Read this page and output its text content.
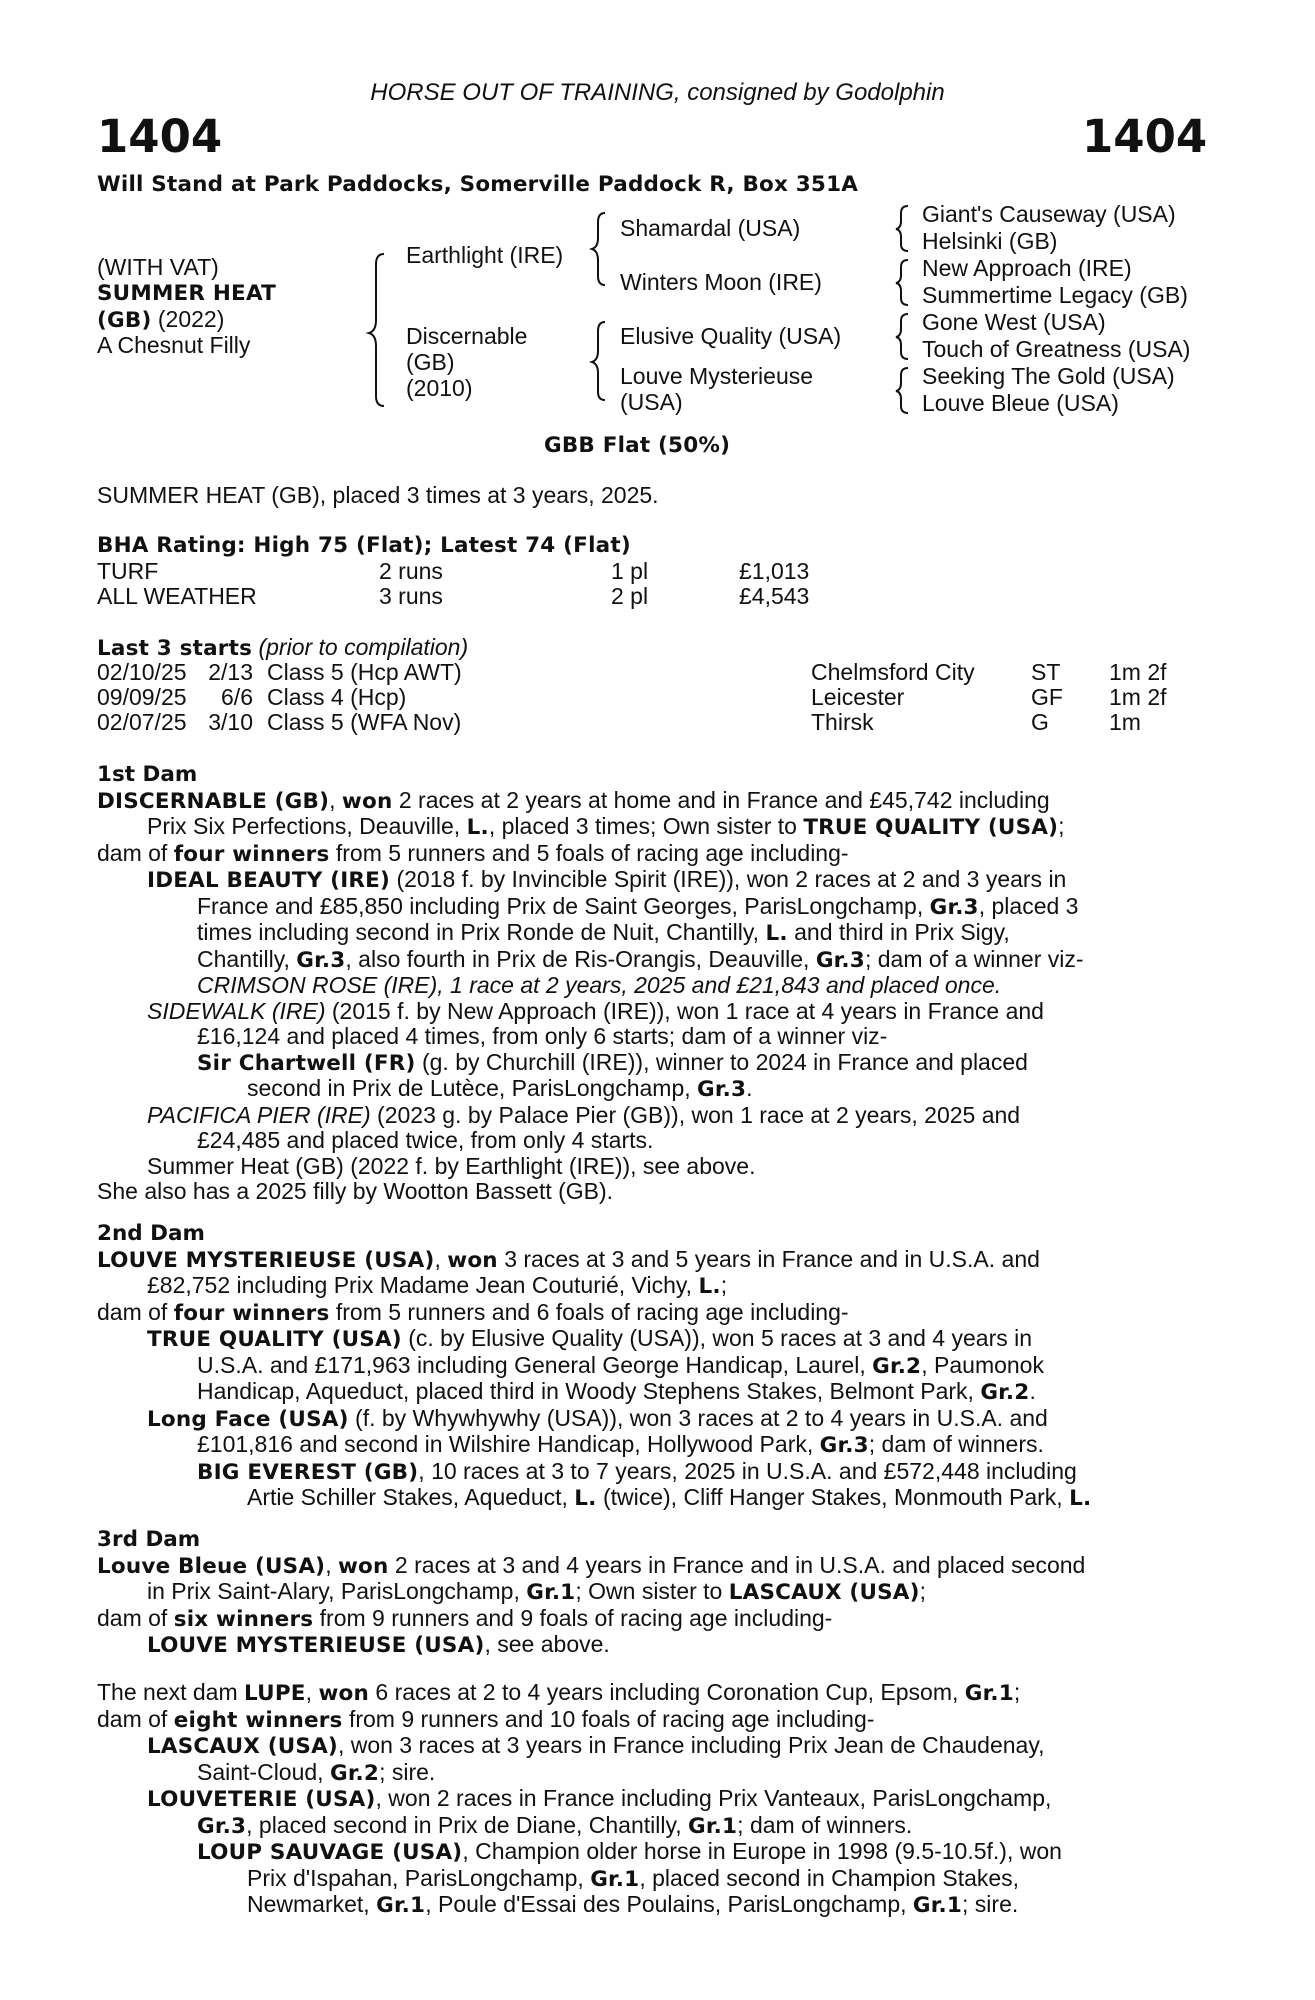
HORSE OUT OF TRAINING, consigned by Godolphin
1404	1404
Will Stand at Park Paddocks, Somerville Paddock R, Box 351A
(WITH VAT)
SUMMER HEAT
(GB) (2022)
A Chesnut Filly
Earthlight (IRE)
Discernable
(GB)
(2010)
Shamardal (USA)
Winters Moon (IRE)
Elusive Quality (USA)
Louve Mysterieuse
(USA)
Giant's Causeway (USA)
Helsinki (GB)
New Approach (IRE)
Summertime Legacy (GB)
Gone West (USA)
Touch of Greatness (USA)
Seeking The Gold (USA)
Louve Bleue (USA)
GBB Flat (50%)
SUMMER HEAT (GB), placed 3 times at 3 years, 2025.
BHA Rating: High 75 (Flat); Latest 74 (Flat)
TURF	2 runs	1 pl	£1,013
ALL WEATHER	3 runs	2 pl	£4,543
Last 3 starts (prior to compilation)
02/10/25	2/13	Class 5 (Hcp AWT)	Chelmsford City	ST	1m 2f
09/09/25	6/6	Class 4 (Hcp)	Leicester	GF	1m 2f
02/07/25	3/10	Class 5 (WFA Nov)	Thirsk	G	1m
1st Dam
DISCERNABLE (GB), won 2 races at 2 years at home and in France and £45,742 including
Prix Six Perfections, Deauville, L., placed 3 times; Own sister to TRUE QUALITY (USA);
dam of four winners from 5 runners and 5 foals of racing age including-
IDEAL BEAUTY (IRE) (2018 f. by Invincible Spirit (IRE)), won 2 races at 2 and 3 years in
France and £85,850 including Prix de Saint Georges, ParisLongchamp, Gr.3, placed 3
times including second in Prix Ronde de Nuit, Chantilly, L. and third in Prix Sigy,
Chantilly, Gr.3, also fourth in Prix de Ris-Orangis, Deauville, Gr.3; dam of a winner viz-
CRIMSON ROSE (IRE), 1 race at 2 years, 2025 and £21,843 and placed once.
SIDEWALK (IRE) (2015 f. by New Approach (IRE)), won 1 race at 4 years in France and
£16,124 and placed 4 times, from only 6 starts; dam of a winner viz-
Sir Chartwell (FR) (g. by Churchill (IRE)), winner to 2024 in France and placed
second in Prix de Lutèce, ParisLongchamp, Gr.3.
PACIFICA PIER (IRE) (2023 g. by Palace Pier (GB)), won 1 race at 2 years, 2025 and
£24,485 and placed twice, from only 4 starts.
Summer Heat (GB) (2022 f. by Earthlight (IRE)), see above.
She also has a 2025 filly by Wootton Bassett (GB).
2nd Dam
LOUVE MYSTERIEUSE (USA), won 3 races at 3 and 5 years in France and in U.S.A. and
£82,752 including Prix Madame Jean Couturié, Vichy, L.;
dam of four winners from 5 runners and 6 foals of racing age including-
TRUE QUALITY (USA) (c. by Elusive Quality (USA)), won 5 races at 3 and 4 years in
U.S.A. and £171,963 including General George Handicap, Laurel, Gr.2, Paumonok
Handicap, Aqueduct, placed third in Woody Stephens Stakes, Belmont Park, Gr.2.
Long Face (USA) (f. by Whywhywhy (USA)), won 3 races at 2 to 4 years in U.S.A. and
£101,816 and second in Wilshire Handicap, Hollywood Park, Gr.3; dam of winners.
BIG EVEREST (GB), 10 races at 3 to 7 years, 2025 in U.S.A. and £572,448 including
Artie Schiller Stakes, Aqueduct, L. (twice), Cliff Hanger Stakes, Monmouth Park, L.
3rd Dam
Louve Bleue (USA), won 2 races at 3 and 4 years in France and in U.S.A. and placed second
in Prix Saint-Alary, ParisLongchamp, Gr.1; Own sister to LASCAUX (USA);
dam of six winners from 9 runners and 9 foals of racing age including-
LOUVE MYSTERIEUSE (USA), see above.
The next dam LUPE, won 6 races at 2 to 4 years including Coronation Cup, Epsom, Gr.1;
dam of eight winners from 9 runners and 10 foals of racing age including-
LASCAUX (USA), won 3 races at 3 years in France including Prix Jean de Chaudenay,
Saint-Cloud, Gr.2; sire.
LOUVETERIE (USA), won 2 races in France including Prix Vanteaux, ParisLongchamp,
Gr.3, placed second in Prix de Diane, Chantilly, Gr.1; dam of winners.
LOUP SAUVAGE (USA), Champion older horse in Europe in 1998 (9.5-10.5f.), won
Prix d'Ispahan, ParisLongchamp, Gr.1, placed second in Champion Stakes,
Newmarket, Gr.1, Poule d'Essai des Poulains, ParisLongchamp, Gr.1; sire.
